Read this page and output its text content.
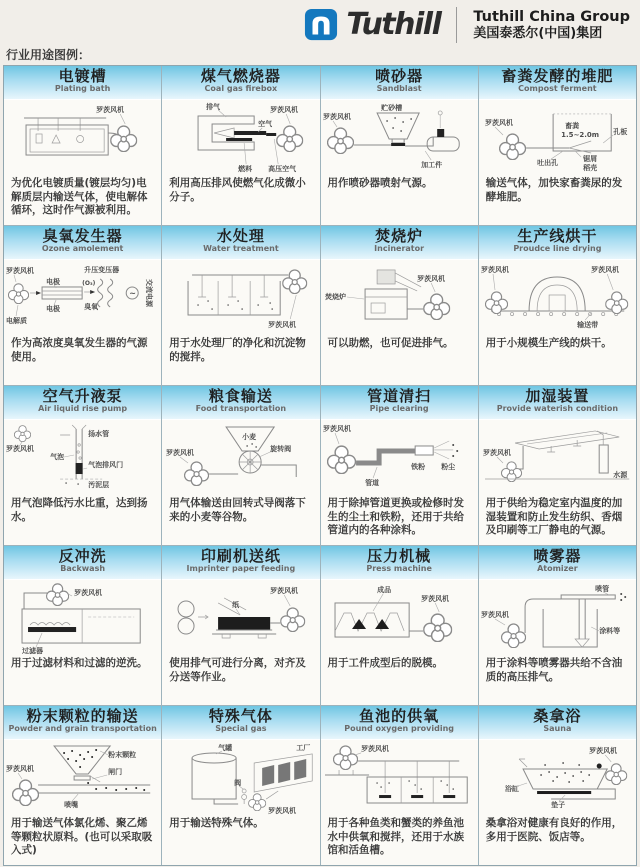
Tuthill Tuthill China Group
美国泰悉尔(中国)集团
行业用途图例：
电镀槽
Plating bath
罗茨风机
为优化电镀质量(镀层均匀)电解质层内输送气体，使电解体循环，这时作气源被利用。
煤气燃烧器
Coal gas firebox
排气
空气
罗茨风机
燃料 高压空气
利用高压排风使燃气化成微小分子。
喷砂器
Sandblast
罗茨风机
贮砂槽
加工件
用作喷砂器喷射气源。
畜粪发酵的堆肥
Compost ferment
畜粪
1.5~2.0m
罗茨风机
孔板
吐出孔	锯屑
稻壳
输送气体，加快家畜粪尿的发酵堆肥。
臭氧发生器
Ozone amolement
罗茨风机
电极
电极
(O₃)
臭氧
升压变压器
~ 交流电源
电解质
作为高浓度臭氧发生器的气源使用。
水处理
Water treatment
罗茨风机
用于水处理厂的净化和沉淀物的搅拌。
焚烧炉
Incinerator
焚烧炉
罗茨风机
可以助燃，也可促进排气。
生产线烘干
Proudce line drying
罗茨风机	罗茨风机
输送带
用于小规模生产线的烘干。
空气升液泵
Air liquid rise pump
罗茨风机
扬水管
气泡
气泡排风门
污泥层
用气泡降低污水比重，达到扬水。
粮食输送
Food transportation
小麦
罗茨风机	旋转阀
用气体输送由回转式导阀落下来的小麦等谷物。
管道清扫
Pipe clearing
罗茨风机
铁粉 粉尘
管道
用于除掉管道更换或检修时发生的尘土和铁粉，还用于共给管道内的各种涂料。
加湿装置
Provide waterish condition
罗茨风机
水源
用于供给为稳定室内温度的加湿装置和防止发生纺织、香烟及印刷等工厂静电的气源。
反冲洗
Backwash
罗茨风机
过滤器
用于过滤材料和过滤的逆洗。
印刷机送纸
Imprinter paper feeding
纸
罗茨风机
使用排气可进行分离，对齐及分送等作业。
压力机械
Press machine
成品
罗茨风机
用于工件成型后的脱模。
喷雾器
Atomizer
喷管
罗茨风机
涂料等
用于涂料等喷雾器共给不含油质的高压排气。
粉末颗粒的输送
Powder and grain transportation
粉末颗粒
罗茨风机	闸门
喷嘴
用于输送气体氯化烯、聚乙烯等颗粒状原料。(也可以采取吸入式)
特殊气体
Special gas
气罐	工厂
阀
罗茨风机
用于输送特殊气体。
鱼池的供氧
Pound oxygen providing
罗茨风机
用于各种鱼类和蟹类的养鱼池水中供氧和搅拌，还用于水族馆和活鱼槽。
桑拿浴
Sauna
罗茨风机
浴缸
垫子
桑拿浴对健康有良好的作用，多用于医院、饭店等。
